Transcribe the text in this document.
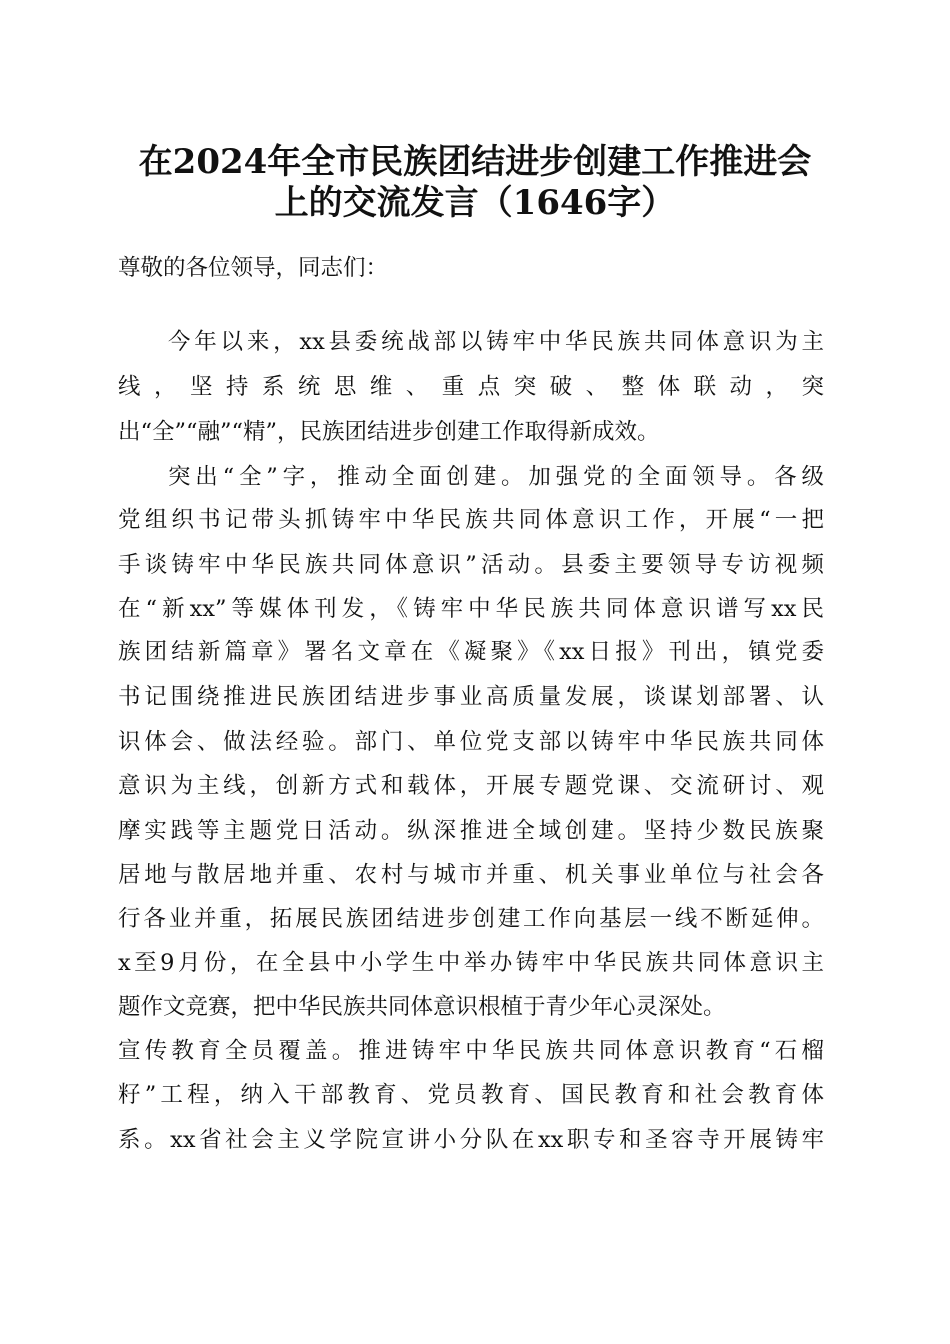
在2024年全市民族团结进步创建工作推进会
上的交流发言（1646字）

尊敬的各位领导，同志们：

今年以来，xx县委统战部以铸牢中华民族共同体意识为主

线，坚持系统思维、重点突破、整体联动，突

出“全”“融”“精”，民族团结进步创建工作取得新成效。

突出“全”字，推动全面创建。加强党的全面领导。各级

党组织书记带头抓铸牢中华民族共同体意识工作，开展“一把

手谈铸牢中华民族共同体意识”活动。县委主要领导专访视频

在“新xx”等媒体刊发，《铸牢中华民族共同体意识谱写xx民

族团结新篇章》署名文章在《凝聚》《xx日报》刊出，镇党委

书记围绕推进民族团结进步事业高质量发展，谈谋划部署、认

识体会、做法经验。部门、单位党支部以铸牢中华民族共同体

意识为主线，创新方式和载体，开展专题党课、交流研讨、观

摩实践等主题党日活动。纵深推进全域创建。坚持少数民族聚

居地与散居地并重、农村与城市并重、机关事业单位与社会各

行各业并重，拓展民族团结进步创建工作向基层一线不断延伸。

x至9月份，在全县中小学生中举办铸牢中华民族共同体意识主

题作文竞赛，把中华民族共同体意识根植于青少年心灵深处。

宣传教育全员覆盖。推进铸牢中华民族共同体意识教育“石榴

籽”工程，纳入干部教育、党员教育、国民教育和社会教育体

系。xx省社会主义学院宣讲小分队在xx职专和圣容寺开展铸牢
